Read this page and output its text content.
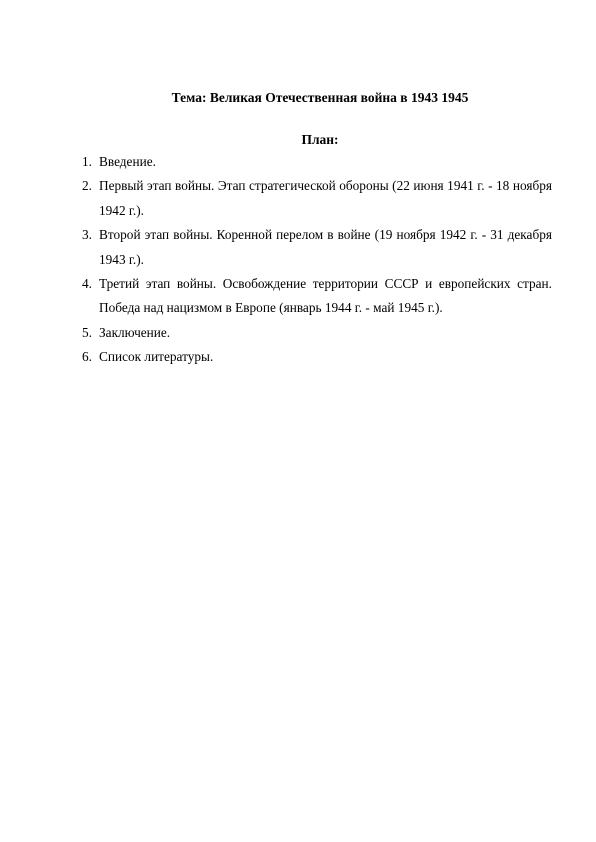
Тема: Великая Отечественная война в 1943 1945
План:
1. Введение.
2. Первый этап войны. Этап стратегической обороны (22 июня 1941 г. - 18 ноября 1942 г.).
3. Второй этап войны. Коренной перелом в войне (19 ноября 1942 г. - 31 декабря 1943 г.).
4. Третий этап войны. Освобождение территории СССР и европейских стран. Победа над нацизмом в Европе (январь 1944 г. - май 1945 г.).
5. Заключение.
6. Список литературы.
